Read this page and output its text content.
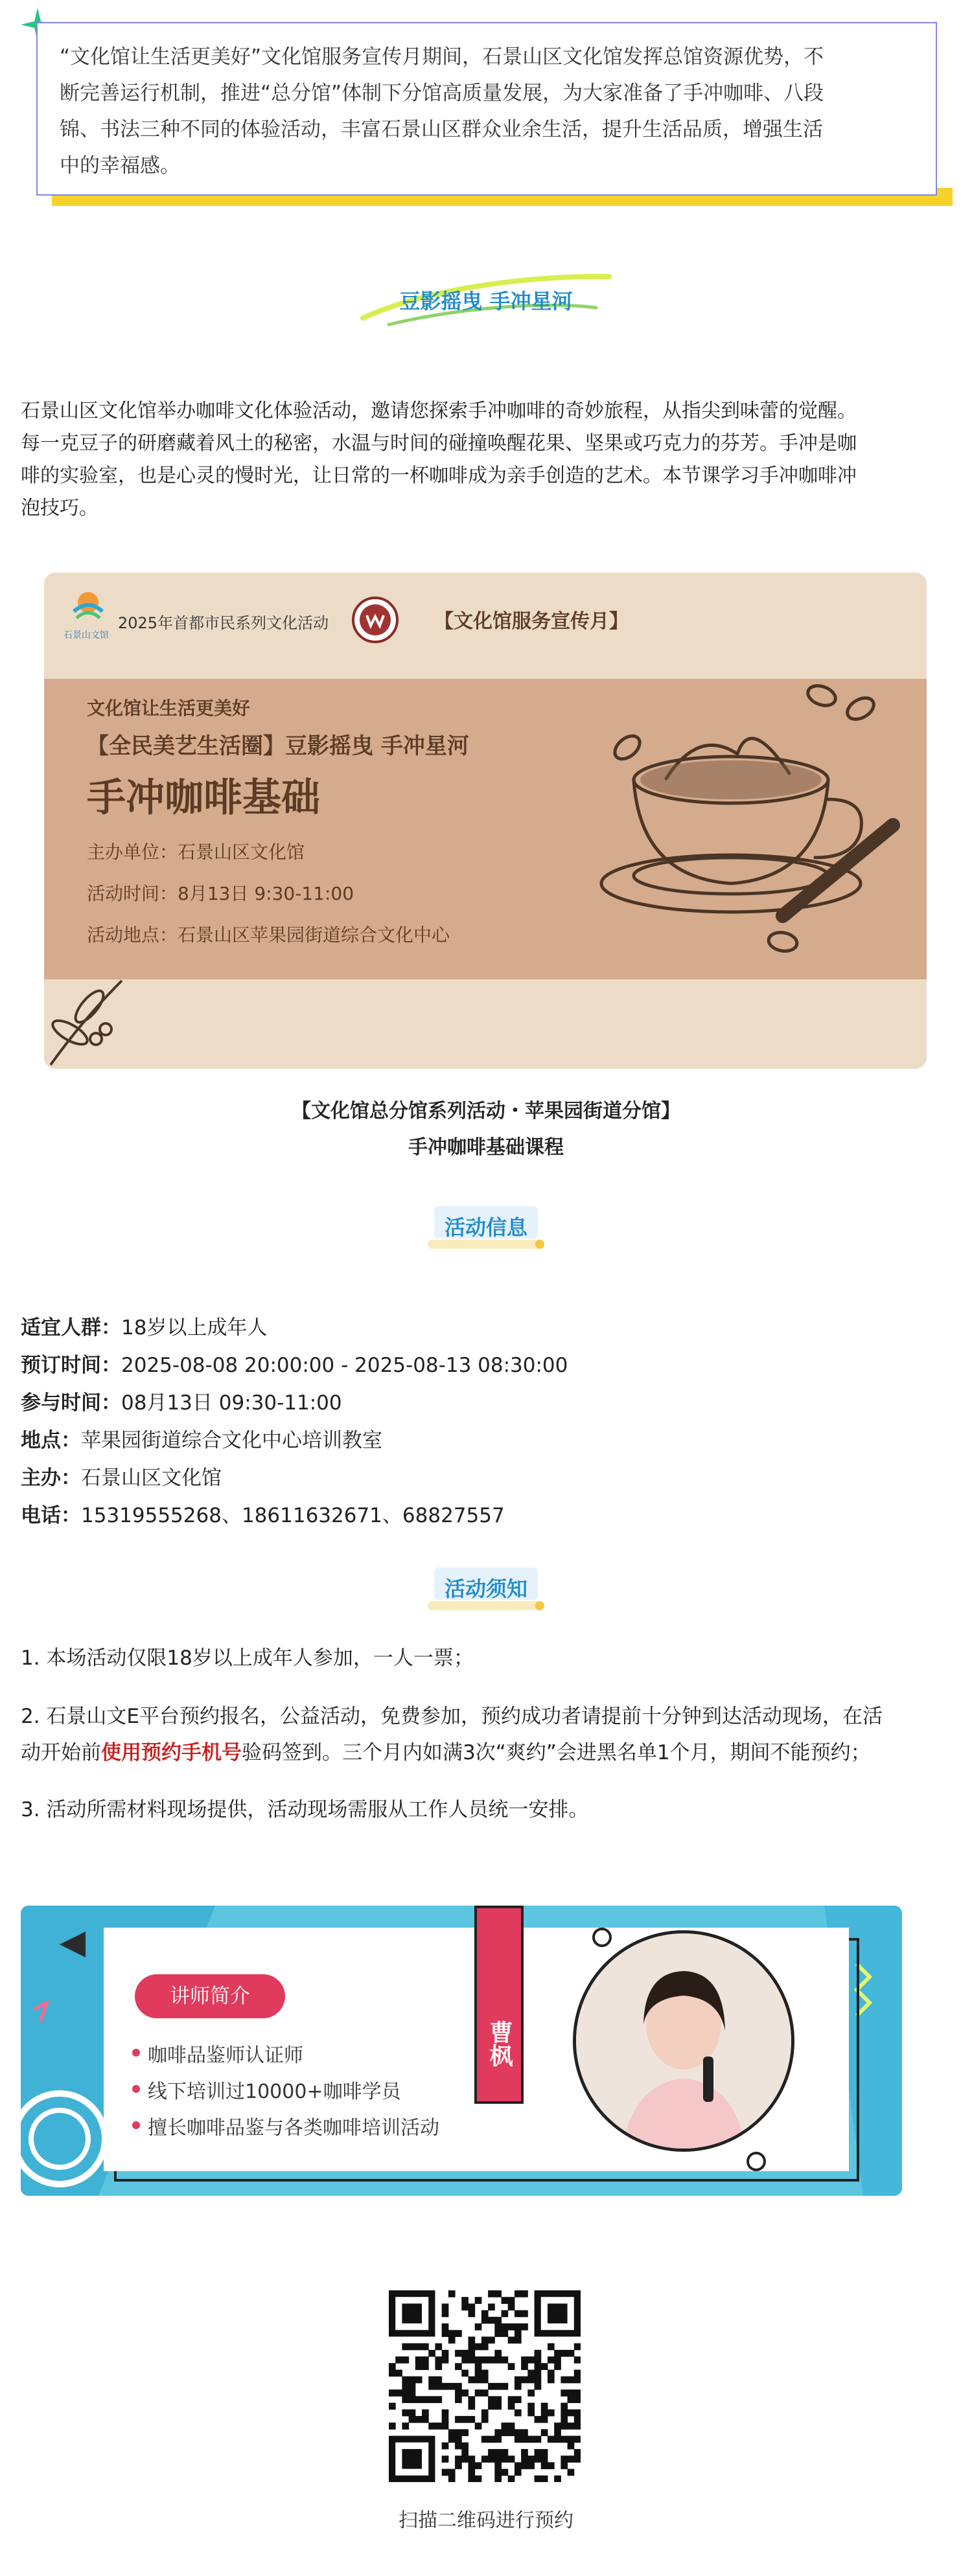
“文化馆让生活更美好”文化馆服务宣传月期间，石景山区文化馆发挥总馆资源优势，不
断完善运行机制，推进“总分馆”体制下分馆高质量发展，为大家准备了手冲咖啡、八段
锦、书法三种不同的体验活动，丰富石景山区群众业余生活，提升生活品质，增强生活
中的幸福感。
豆影摇曳 手冲星河
石景山区文化馆举办咖啡文化体验活动，邀请您探索手冲咖啡的奇妙旅程，从指尖到味蕾的觉醒。
每一克豆子的研磨藏着风土的秘密，水温与时间的碰撞唤醒花果、坚果或巧克力的芬芳。手冲是咖
啡的实验室，也是心灵的慢时光，让日常的一杯咖啡成为亲手创造的艺术。本节课学习手冲咖啡冲
泡技巧。
石景山文馆
2025年首都市民系列文化活动	【文化馆服务宣传月】
文化馆让生活更美好
【全民美艺生活圈】豆影摇曳 手冲星河
手冲咖啡基础
主办单位：石景山区文化馆
活动时间：8月13日 9:30-11:00
活动地点：石景山区苹果园街道综合文化中心
【文化馆总分馆系列活动・苹果园街道分馆】
手冲咖啡基础课程
活动信息
适宜人群：18岁以上成年人
预订时间：2025-08-08 20:00:00 - 2025-08-13 08:30:00
参与时间：08月13日 09:30-11:00
地点：苹果园街道综合文化中心培训教室
主办：石景山区文化馆
电话：15319555268、18611632671、68827557
活动须知
1. 本场活动仅限18岁以上成年人参加，一人一票；
2. 石景山文E平台预约报名，公益活动，免费参加，预约成功者请提前十分钟到达活动现场，在活
动开始前使用预约手机号验码签到。三个月内如满3次“爽约”会进黑名单1个月，期间不能预约；
3. 活动所需材料现场提供，活动现场需服从工作人员统一安排。
讲师简介
咖啡品鉴师认证师
线下培训过10000+咖啡学员
擅长咖啡品鉴与各类咖啡培训活动
曹枫
扫描二维码进行预约
